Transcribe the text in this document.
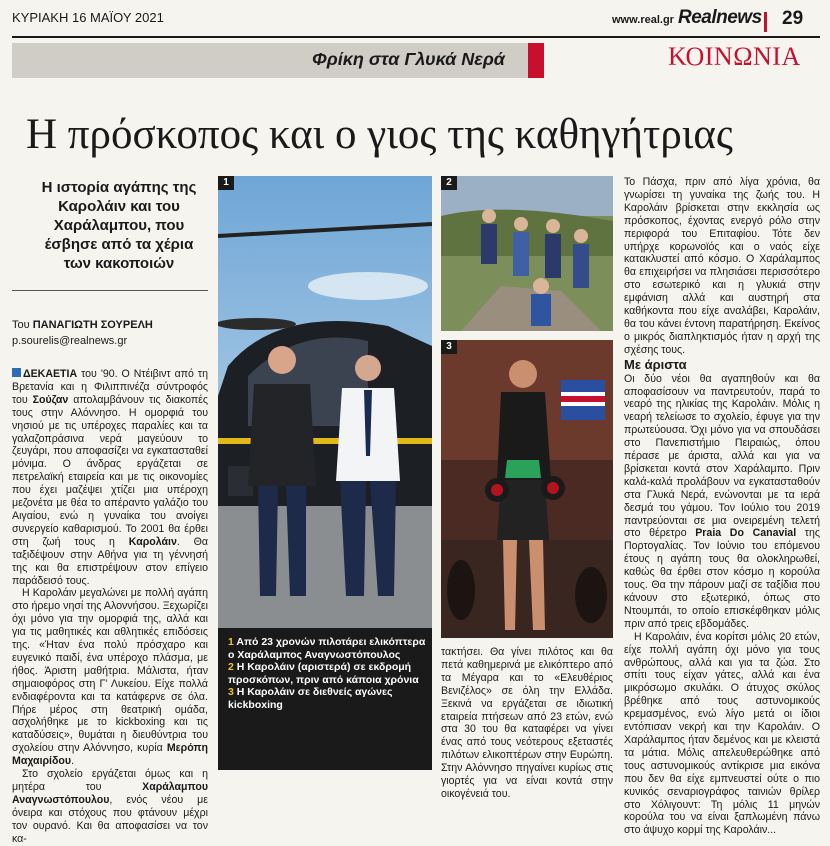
ΚΥΡΙΑΚΗ 16 ΜΑΪΟΥ 2021	www.real.gr Realnews 29
Φρίκη στα Γλυκά Νερά	ΚΟΙΝΩΝΙΑ
Η πρόσκοπος και ο γιος της καθηγήτριας

Η ιστορία αγάπης της Καρολάιν και του Χαράλαμπου, που έσβησε από τα χέρια των κακοποιών

Του ΠΑΝΑΓΙΩΤΗ ΣΟΥΡΕΛΗ
p.sourelis@realnews.gr

ΔΕΚΑΕΤΙΑ του '90. Ο Ντέιβιντ από τη Βρετανία και η Φιλιππινέζα σύντροφός του Σούζαν απολαμβάνουν τις διακοπές τους στην Αλόννησο. Η ομορφιά του νησιού με τις υπέροχες παραλίες και τα γαλαζοπράσινα νερά μαγεύουν το ζευγάρι, που αποφασίζει να εγκατασταθεί μόνιμα. Ο άνδρας εργάζεται σε πετρελαϊκή εταιρεία και με τις οικονομίες που έχει μαζέψει χτίζει μια υπέροχη μεζονέτα με θέα το απέραντο γαλάζιο του Αιγαίου, ενώ η γυναίκα του ανοίγει συνεργείο καθαρισμού. Το 2001 θα έρθει στη ζωή τους η Καρολάιν. Θα ταξιδέψουν στην Αθήνα για τη γέννησή της και θα επιστρέψουν στον επίγειο παράδεισό τους.

Η Καρολάιν μεγαλώνει με πολλή αγάπη στο ήρεμο νησί της Αλοννήσου. Ξεχωρίζει όχι μόνο για την ομορφιά της, αλλά και για τις μαθητικές και αθλητικές επιδόσεις της. «Ήταν ένα πολύ πρόσχαρο και ευγενικό παιδί, ένα υπέροχο πλάσμα, με ήθος. Άριστη μαθήτρια. Μάλιστα, ήταν σημαιοφόρος στη Γ' Λυκείου. Είχε πολλά ενδιαφέροντα και τα κατάφερνε σε όλα. Πήρε μέρος στη θεατρική ομάδα, ασχολήθηκε με το kickboxing και τις καταδύσεις», θυμάται η διευθύντρια του σχολείου στην Αλόννησο, κυρία Μερόπη Μαχαιρίδου.

Στο σχολείο εργάζεται όμως και η μητέρα του Χαράλαμπου Αναγνωστόπουλου, ενός νέου με όνειρα και στόχους που φτάνουν μέχρι τον ουρανό. Και θα αποφασίσει να τον κα-

1

1 Από 23 χρονών πιλοτάρει ελικόπτερα ο Χαράλαμπος Αναγνωστόπουλος

2 Η Καρολάιν (αριστερά) σε εκδρομή προσκόπων, πριν από κάποια χρόνια

3 Η Καρολάιν σε διεθνείς αγώνες kickboxing

2
3

τακτήσει. Θα γίνει πιλότος και θα πετά καθημερινά με ελικόπτερο από τα Μέγαρα και το «Ελευθέριος Βενιζέλος» σε όλη την Ελλάδα. Ξεκινά να εργάζεται σε ιδιωτική εταιρεία πτήσεων από 23 ετών, ενώ στα 30 του θα καταφέρει να γίνει ένας από τους νεότερους εξεταστές πιλότων ελικοπτέρων στην Ευρώπη. Στην Αλόννησο πηγαίνει κυρίως στις γιορτές για να είναι κοντά στην οικογένειά του.

Το Πάσχα, πριν από λίγα χρόνια, θα γνωρίσει τη γυναίκα της ζωής του. Η Καρολάιν βρίσκεται στην εκκλησία ως πρόσκοπος, έχοντας ενεργό ρόλο στην περιφορά του Επιταφίου. Τότε δεν υπήρχε κορωνοϊός και ο ναός είχε κατακλυστεί από κόσμο. Ο Χαράλαμπος θα επιχειρήσει να πλησιάσει περισσότερο στο εσωτερικό και η γλυκιά στην εμφάνιση αλλά και αυστηρή στα καθήκοντα που είχε αναλάβει, Καρολάιν, θα του κάνει έντονη παρατήρηση. Εκείνος ο μικρός διαπληκτισμός ήταν η αρχή της σχέσης τους.

Με άριστα

Οι δύο νέοι θα αγαπηθούν και θα αποφασίσουν να παντρευτούν, παρά το νεαρό της ηλικίας της Καρολάιν. Μόλις η νεαρή τελείωσε το σχολείο, έφυγε για την πρωτεύουσα. Όχι μόνο για να σπουδάσει στο Πανεπιστήμιο Πειραιώς, όπου πέρασε με άριστα, αλλά και για να βρίσκεται κοντά στον Χαράλαμπο. Πριν καλά-καλά προλάβουν να εγκατασταθούν στα Γλυκά Νερά, ενώνονται με τα ιερά δεσμά του γάμου. Τον Ιούλιο του 2019 παντρεύονται σε μια ονειρεμένη τελετή στο θέρετρο Praia Do Canavial της Πορτογαλίας. Τον Ιούνιο του επόμενου έτους η αγάπη τους θα ολοκληρωθεί, καθώς θα έρθει στον κόσμο η κορούλα τους. Θα την πάρουν μαζί σε ταξίδια που κάνουν στο εξωτερικό, όπως στο Ντουμπάι, το οποίο επισκέφθηκαν μόλις πριν από τρεις εβδομάδες.

Η Καρολάιν, ένα κορίτσι μόλις 20 ετών, είχε πολλή αγάπη όχι μόνο για τους ανθρώπους, αλλά και για τα ζώα. Στο σπίτι τους είχαν γάτες, αλλά και ένα μικρόσωμο σκυλάκι. Ο άτυχος σκύλος βρέθηκε από τους αστυνομικούς κρεμασμένος, ενώ λίγο μετά οι ίδιοι εντόπισαν νεκρή και την Καρολάιν. Ο Χαράλαμπος ήταν δεμένος και με κλειστά τα μάτια. Μόλις απελευθερώθηκε από τους αστυνομικούς αντίκρισε μια εικόνα που δεν θα είχε εμπνευστεί ούτε ο πιο κυνικός σεναριογράφος ταινιών θρίλερ στο Χόλιγουντ: Τη μόλις 11 μηνών κορούλα του να είναι ξαπλωμένη πάνω στο άψυχο κορμί της Καρολάιν...
